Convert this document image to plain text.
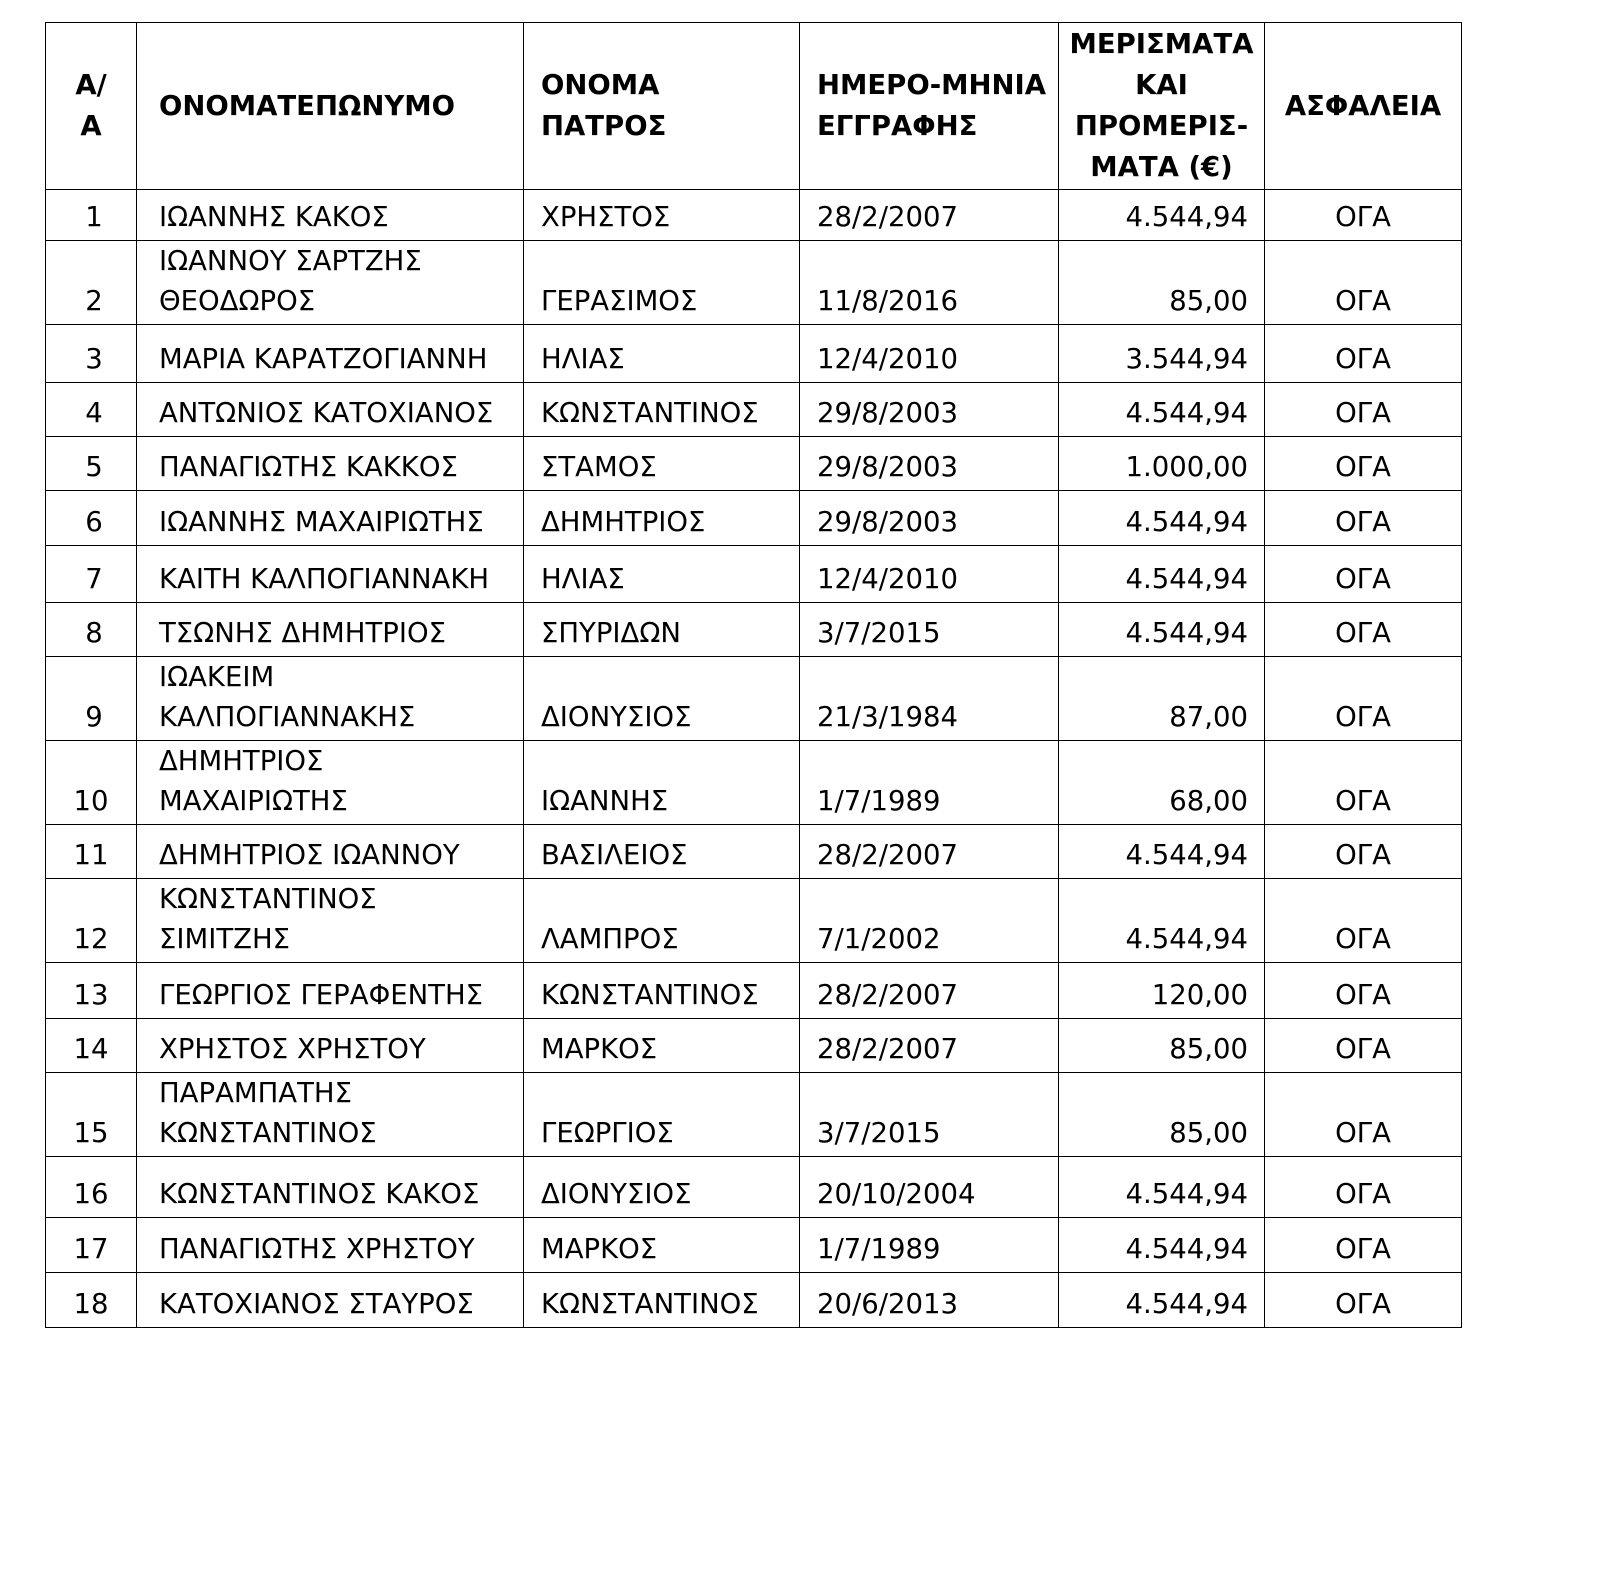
Α/
Α	ΟΝΟΜΑΤΕΠΩΝΥΜΟ	ΟΝΟΜΑ
ΠΑΤΡΟΣ	ΗΜΕΡΟ-ΜΗΝΙΑ
ΕΓΓΡΑΦΗΣ	ΜΕΡΙΣΜΑΤΑ
ΚΑΙ
ΠΡΟΜΕΡΙΣ-
ΜΑΤΑ (€)	ΑΣΦΑΛΕΙΑ
1	ΙΩΑΝΝΗΣ ΚΑΚΟΣ	ΧΡΗΣΤΟΣ	28/2/2007	4.544,94	ΟΓΑ
2	ΙΩΑΝΝΟΥ ΣΑΡΤΖΗΣ
ΘΕΟΔΩΡΟΣ	ΓΕΡΑΣΙΜΟΣ	11/8/2016	85,00	ΟΓΑ
3	ΜΑΡΙΑ ΚΑΡΑΤΖΟΓΙΑΝΝΗ	ΗΛΙΑΣ	12/4/2010	3.544,94	ΟΓΑ
4	ΑΝΤΩΝΙΟΣ ΚΑΤΟΧΙΑΝΟΣ	ΚΩΝΣΤΑΝΤΙΝΟΣ	29/8/2003	4.544,94	ΟΓΑ
5	ΠΑΝΑΓΙΩΤΗΣ ΚΑΚΚΟΣ	ΣΤΑΜΟΣ	29/8/2003	1.000,00	ΟΓΑ
6	ΙΩΑΝΝΗΣ ΜΑΧΑΙΡΙΩΤΗΣ	ΔΗΜΗΤΡΙΟΣ	29/8/2003	4.544,94	ΟΓΑ
7	ΚΑΙΤΗ ΚΑΛΠΟΓΙΑΝΝΑΚΗ	ΗΛΙΑΣ	12/4/2010	4.544,94	ΟΓΑ
8	ΤΣΩΝΗΣ ΔΗΜΗΤΡΙΟΣ	ΣΠΥΡΙΔΩΝ	3/7/2015	4.544,94	ΟΓΑ
9	ΙΩΑΚΕΙΜ
ΚΑΛΠΟΓΙΑΝΝΑΚΗΣ	ΔΙΟΝΥΣΙΟΣ	21/3/1984	87,00	ΟΓΑ
10	ΔΗΜΗΤΡΙΟΣ
ΜΑΧΑΙΡΙΩΤΗΣ	ΙΩΑΝΝΗΣ	1/7/1989	68,00	ΟΓΑ
11	ΔΗΜΗΤΡΙΟΣ ΙΩΑΝΝΟΥ	ΒΑΣΙΛΕΙΟΣ	28/2/2007	4.544,94	ΟΓΑ
12	ΚΩΝΣΤΑΝΤΙΝΟΣ
ΣΙΜΙΤΖΗΣ	ΛΑΜΠΡΟΣ	7/1/2002	4.544,94	ΟΓΑ
13	ΓΕΩΡΓΙΟΣ ΓΕΡΑΦΕΝΤΗΣ	ΚΩΝΣΤΑΝΤΙΝΟΣ	28/2/2007	120,00	ΟΓΑ
14	ΧΡΗΣΤΟΣ ΧΡΗΣΤΟΥ	ΜΑΡΚΟΣ	28/2/2007	85,00	ΟΓΑ
15	ΠΑΡΑΜΠΑΤΗΣ
ΚΩΝΣΤΑΝΤΙΝΟΣ	ΓΕΩΡΓΙΟΣ	3/7/2015	85,00	ΟΓΑ
16	ΚΩΝΣΤΑΝΤΙΝΟΣ ΚΑΚΟΣ	ΔΙΟΝΥΣΙΟΣ	20/10/2004	4.544,94	ΟΓΑ
17	ΠΑΝΑΓΙΩΤΗΣ ΧΡΗΣΤΟΥ	ΜΑΡΚΟΣ	1/7/1989	4.544,94	ΟΓΑ
18	ΚΑΤΟΧΙΑΝΟΣ ΣΤΑΥΡΟΣ	ΚΩΝΣΤΑΝΤΙΝΟΣ	20/6/2013	4.544,94	ΟΓΑ
